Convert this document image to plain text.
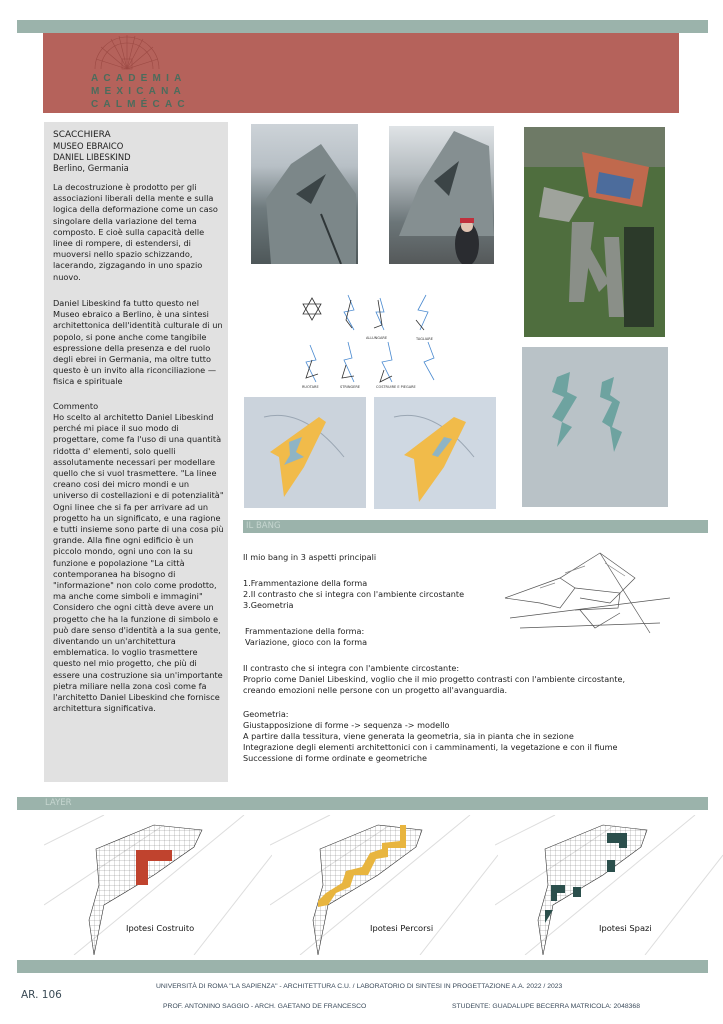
ACADEMIA
MEXICANA
CALMÉCAC
SCACCHIERA
MUSEO EBRAICO
DANIEL LIBESKIND
Berlino, Germania
La decostruzione è prodotto per gli associazioni liberali della mente e sulla logica della deformazione come un caso singolare della variazione del tema composto. E cioè sulla capacità delle linee di rompere, di estendersi, di muoversi nello spazio schizzando, lacerando, zigzagando in uno spazio nuovo.
Daniel Libeskind fa tutto questo nel Museo ebraico a Berlino, è una sintesi architettonica dell'identità culturale di un popolo, si pone anche come tangibile espressione della presenza e del ruolo degli ebrei in Germania, ma oltre tutto questo è un invito alla riconciliazione — fisica e spirituale
Commento
Ho scelto al architetto Daniel Libeskind perché mi piace il suo modo di progettare, come fa l'uso di una quantità ridotta d' elementi, solo quelli assolutamente necessari per modellare quello che si vuol trasmettere. "La linee creano cosi dei micro mondi e un universo di costellazioni e di potenzialità" Ogni linee che si fa per arrivare ad un progetto ha un significato, e una ragione e tutti insieme sono parte di una cosa più grande. Alla fine ogni edificio è un piccolo mondo, ogni uno con la su funzione e popolazione "La città contemporanea ha bisogno di "informazione" non colo come prodotto, ma anche come simboli e immagini" Considero che ogni città deve avere un progetto che ha la funzione di simbolo e può dare senso d'identità a la sua gente, diventando un un'architettura emblematica. Io voglio trasmettere questo nel mio progetto, che più di essere una costruzione sia un'importante pietra miliare nella zona così come fa l'architetto Daniel Libeskind che fornisce architettura significativa.
ALLUNGARE	TAGLIARE
RUOTARE	STRINGERE	COSTRUIRE E PIEGARE
IL BANG
Il mio bang in 3 aspetti principali
1.Frammentazione della forma
2.Il contrasto che si integra con l'ambiente circostante
3.Geometria
Frammentazione della forma:
Variazione, gioco con la forma
Il contrasto che si integra con l'ambiente circostante:
Proprio come Daniel Libeskind, voglio che il mio progetto contrasti con l'ambiente circostante,
creando emozioni nelle persone con un progetto all'avanguardia.
Geometria:
Giustapposizione di forme -> sequenza -> modello
A partire dalla tessitura, viene generata la geometria, sia in pianta che in sezione
Integrazione degli elementi architettonici con i camminamenti, la vegetazione e con il fiume
Successione di forme ordinate e geometriche
LAYER
Ipotesi Costruito	Ipotesi Percorsi	Ipotesi Spazi
AR. 106
UNIVERSITÀ DI ROMA "LA SAPIENZA" - ARCHITETTURA C.U. / LABORATORIO DI SINTESI IN PROGETTAZIONE A.A. 2022 / 2023
PROF. ANTONINO SAGGIO - ARCH. GAETANO DE FRANCESCO	STUDENTE: GUADALUPE BECERRA MATRICOLA: 2048368
